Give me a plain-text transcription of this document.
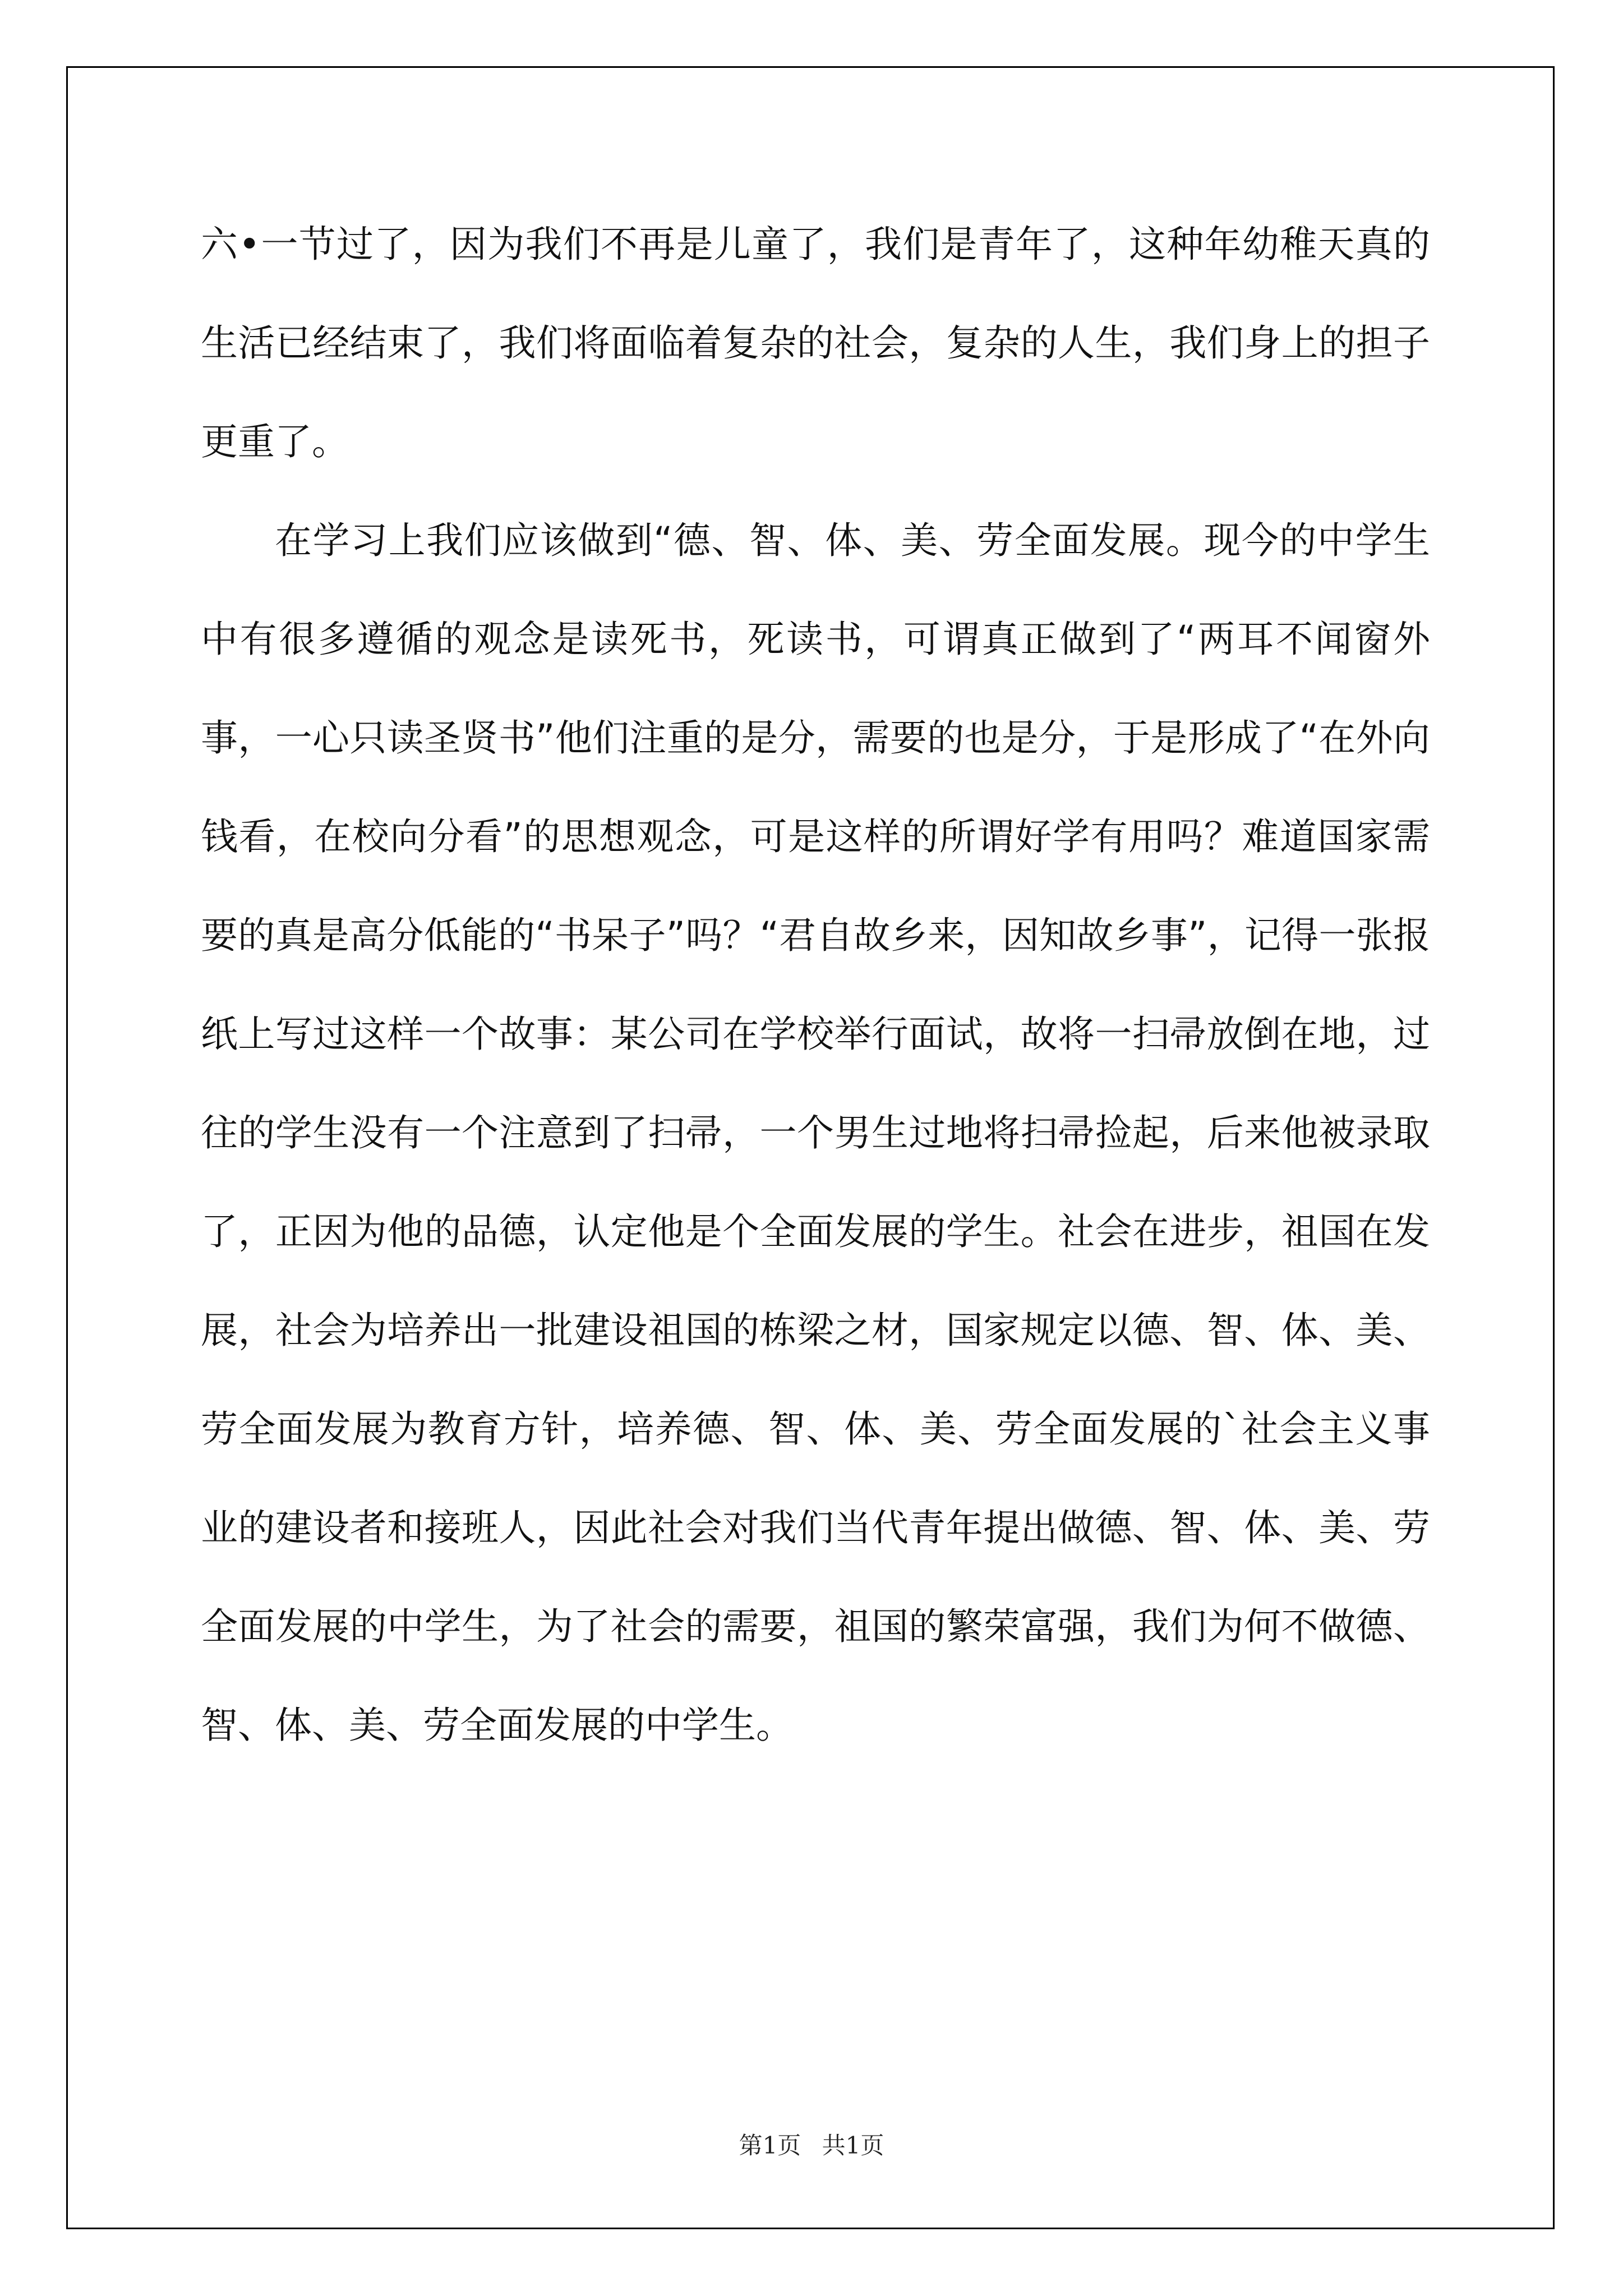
六•一节过了，因为我们不再是儿童了，我们是青年了，这种年幼稚天真的生活已经结束了，我们将面临着复杂的社会，复杂的人生，我们身上的担子更重了。

在学习上我们应该做到“德、智、体、美、劳全面发展。现今的中学生中有很多遵循的观念是读死书，死读书，可谓真正做到了“两耳不闻窗外事，一心只读圣贤书”他们注重的是分，需要的也是分，于是形成了“在外向钱看，在校向分看”的思想观念，可是这样的所谓好学有用吗？难道国家需要的真是高分低能的“书呆子”吗？“君自故乡来，因知故乡事”，记得一张报纸上写过这样一个故事：某公司在学校举行面试，故将一扫帚放倒在地，过往的学生没有一个注意到了扫帚，一个男生过地将扫帚捡起，后来他被录取了，正因为他的品德，认定他是个全面发展的学生。社会在进步，祖国在发展，社会为培养出一批建设祖国的栋梁之材，国家规定以德、智、体、美、劳全面发展为教育方针，培养德、智、体、美、劳全面发展的`社会主义事业的建设者和接班人，因此社会对我们当代青年提出做德、智、体、美、劳全面发展的中学生，为了社会的需要，祖国的繁荣富强，我们为何不做德、智、体、美、劳全面发展的中学生。

第1页 共1页
